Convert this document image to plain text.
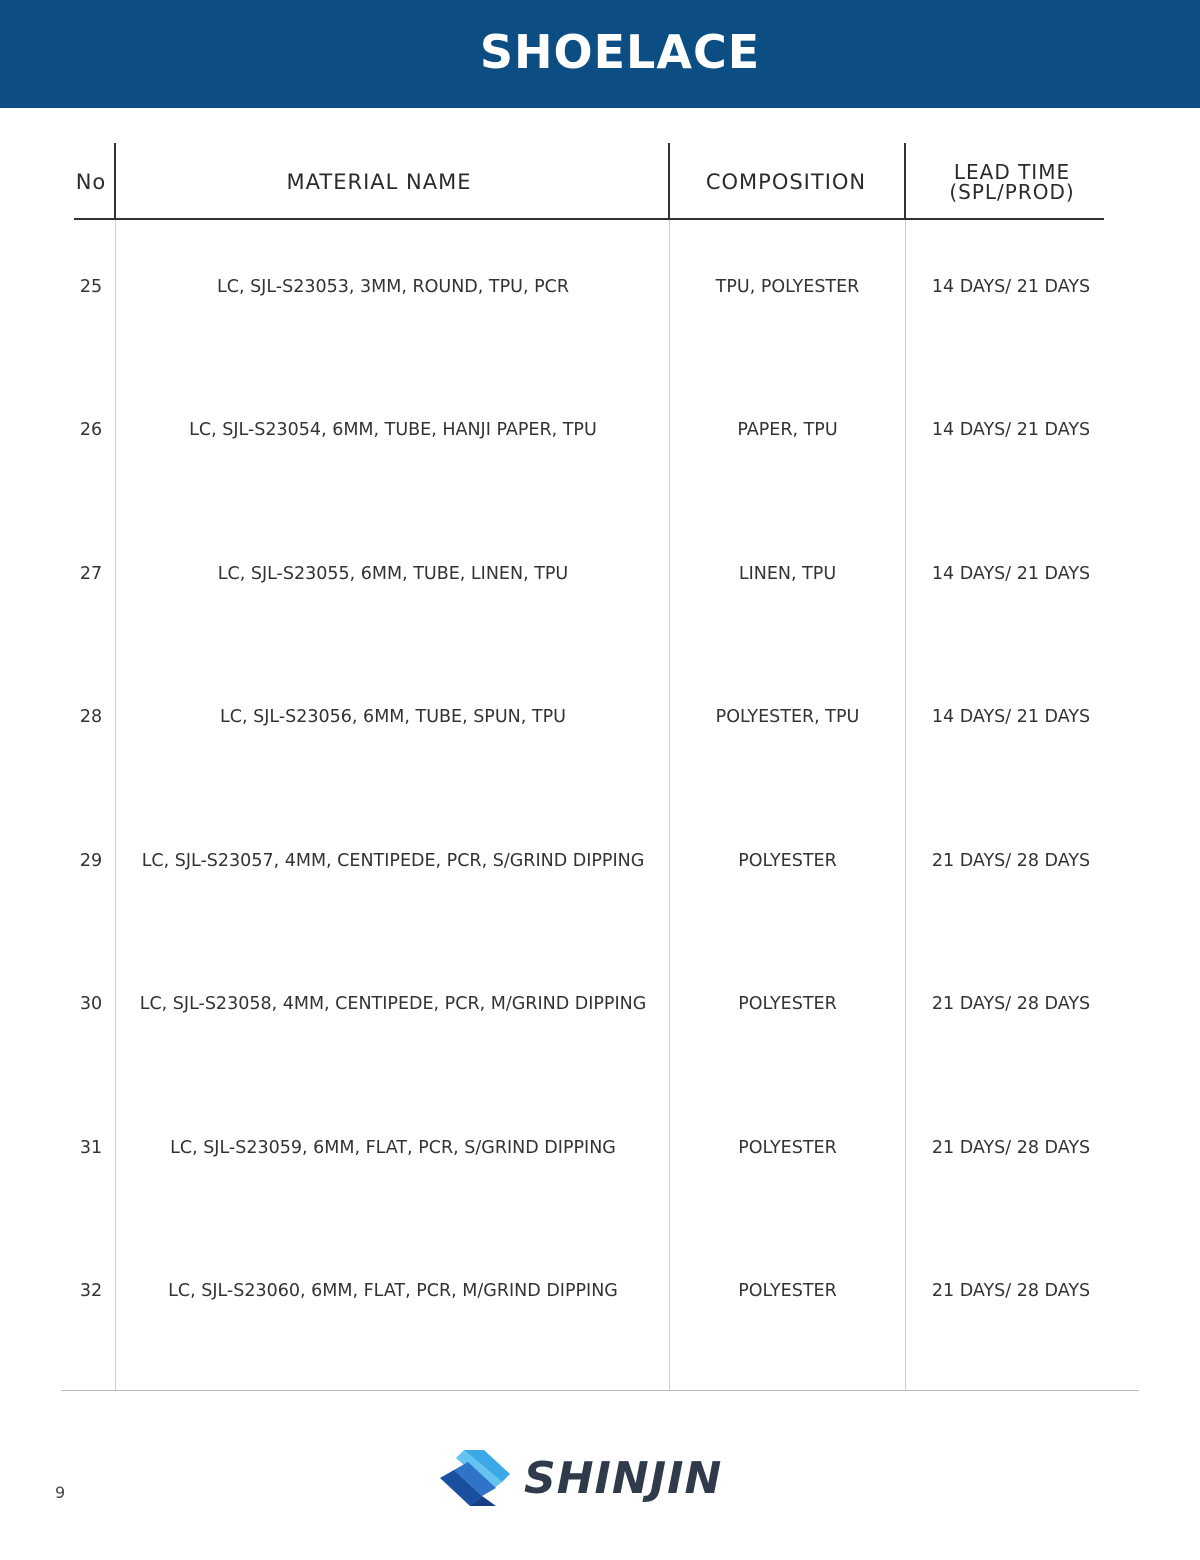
SHOELACE
No	MATERIAL NAME	COMPOSITION	LEAD TIME
(SPL/PROD)
25	LC, SJL-S23053, 3MM, ROUND, TPU, PCR	TPU, POLYESTER	14 DAYS/ 21 DAYS
26	LC, SJL-S23054, 6MM, TUBE, HANJI PAPER, TPU	PAPER, TPU	14 DAYS/ 21 DAYS
27	LC, SJL-S23055, 6MM, TUBE, LINEN, TPU	LINEN, TPU	14 DAYS/ 21 DAYS
28	LC, SJL-S23056, 6MM, TUBE, SPUN, TPU	POLYESTER, TPU	14 DAYS/ 21 DAYS
29	LC, SJL-S23057, 4MM, CENTIPEDE, PCR, S/GRIND DIPPING	POLYESTER	21 DAYS/ 28 DAYS
30	LC, SJL-S23058, 4MM, CENTIPEDE, PCR, M/GRIND DIPPING	POLYESTER	21 DAYS/ 28 DAYS
31	LC, SJL-S23059, 6MM, FLAT, PCR, S/GRIND DIPPING	POLYESTER	21 DAYS/ 28 DAYS
32	LC, SJL-S23060, 6MM, FLAT, PCR, M/GRIND DIPPING	POLYESTER	21 DAYS/ 28 DAYS
9	SHINJIN
